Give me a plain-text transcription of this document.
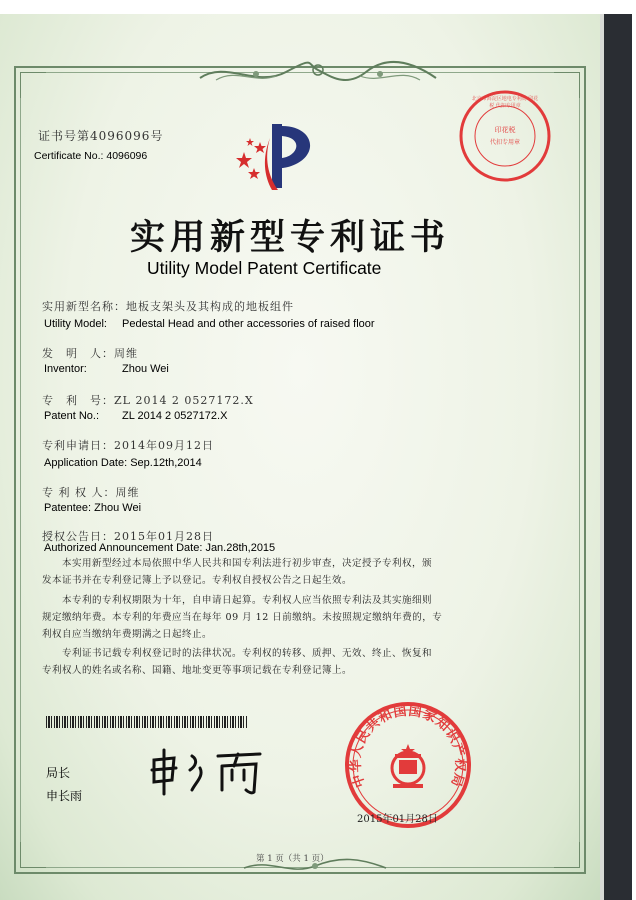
证书号第4096096号
Certificate No.: 4096096
印花税
代扣专用章
北京市海淀区地电专利局 印花税 代扣专用章
实用新型专利证书
Utility Model Patent Certificate
实用新型名称：地板支架头及其构成的地板组件
Utility Model: Pedestal Head and other accessories of raised floor
发　明　人：周维
Inventor:	Zhou Wei
专　利　号：ZL 2014 2 0527172.X
Patent No.: ZL 2014 2 0527172.X
专利申请日：2014年09月12日
Application Date: Sep.12th,2014
专 利 权 人：周维
Patentee: Zhou Wei
授权公告日：2015年01月28日
Authorized Announcement Date: Jan.28th,2015
　　本实用新型经过本局依照中华人民共和国专利法进行初步审查，决定授予专利权，颁
发本证书并在专利登记簿上予以登记。专利权自授权公告之日起生效。
　　本专利的专利权期限为十年，自申请日起算。专利权人应当依照专利法及其实施细则
规定缴纳年费。本专利的年费应当在每年 09 月 12 日前缴纳。未按照规定缴纳年费的，专
利权自应当缴纳年费期满之日起终止。
　　专利证书记载专利权登记时的法律状况。专利权的转移、质押、无效、终止、恢复和
专利权人的姓名或名称、国籍、地址变更等事项记载在专利登记簿上。
局长
申长雨
中华人民共和国国家知识产权局
2015年01月28日
第 1 页（共 1 页）
